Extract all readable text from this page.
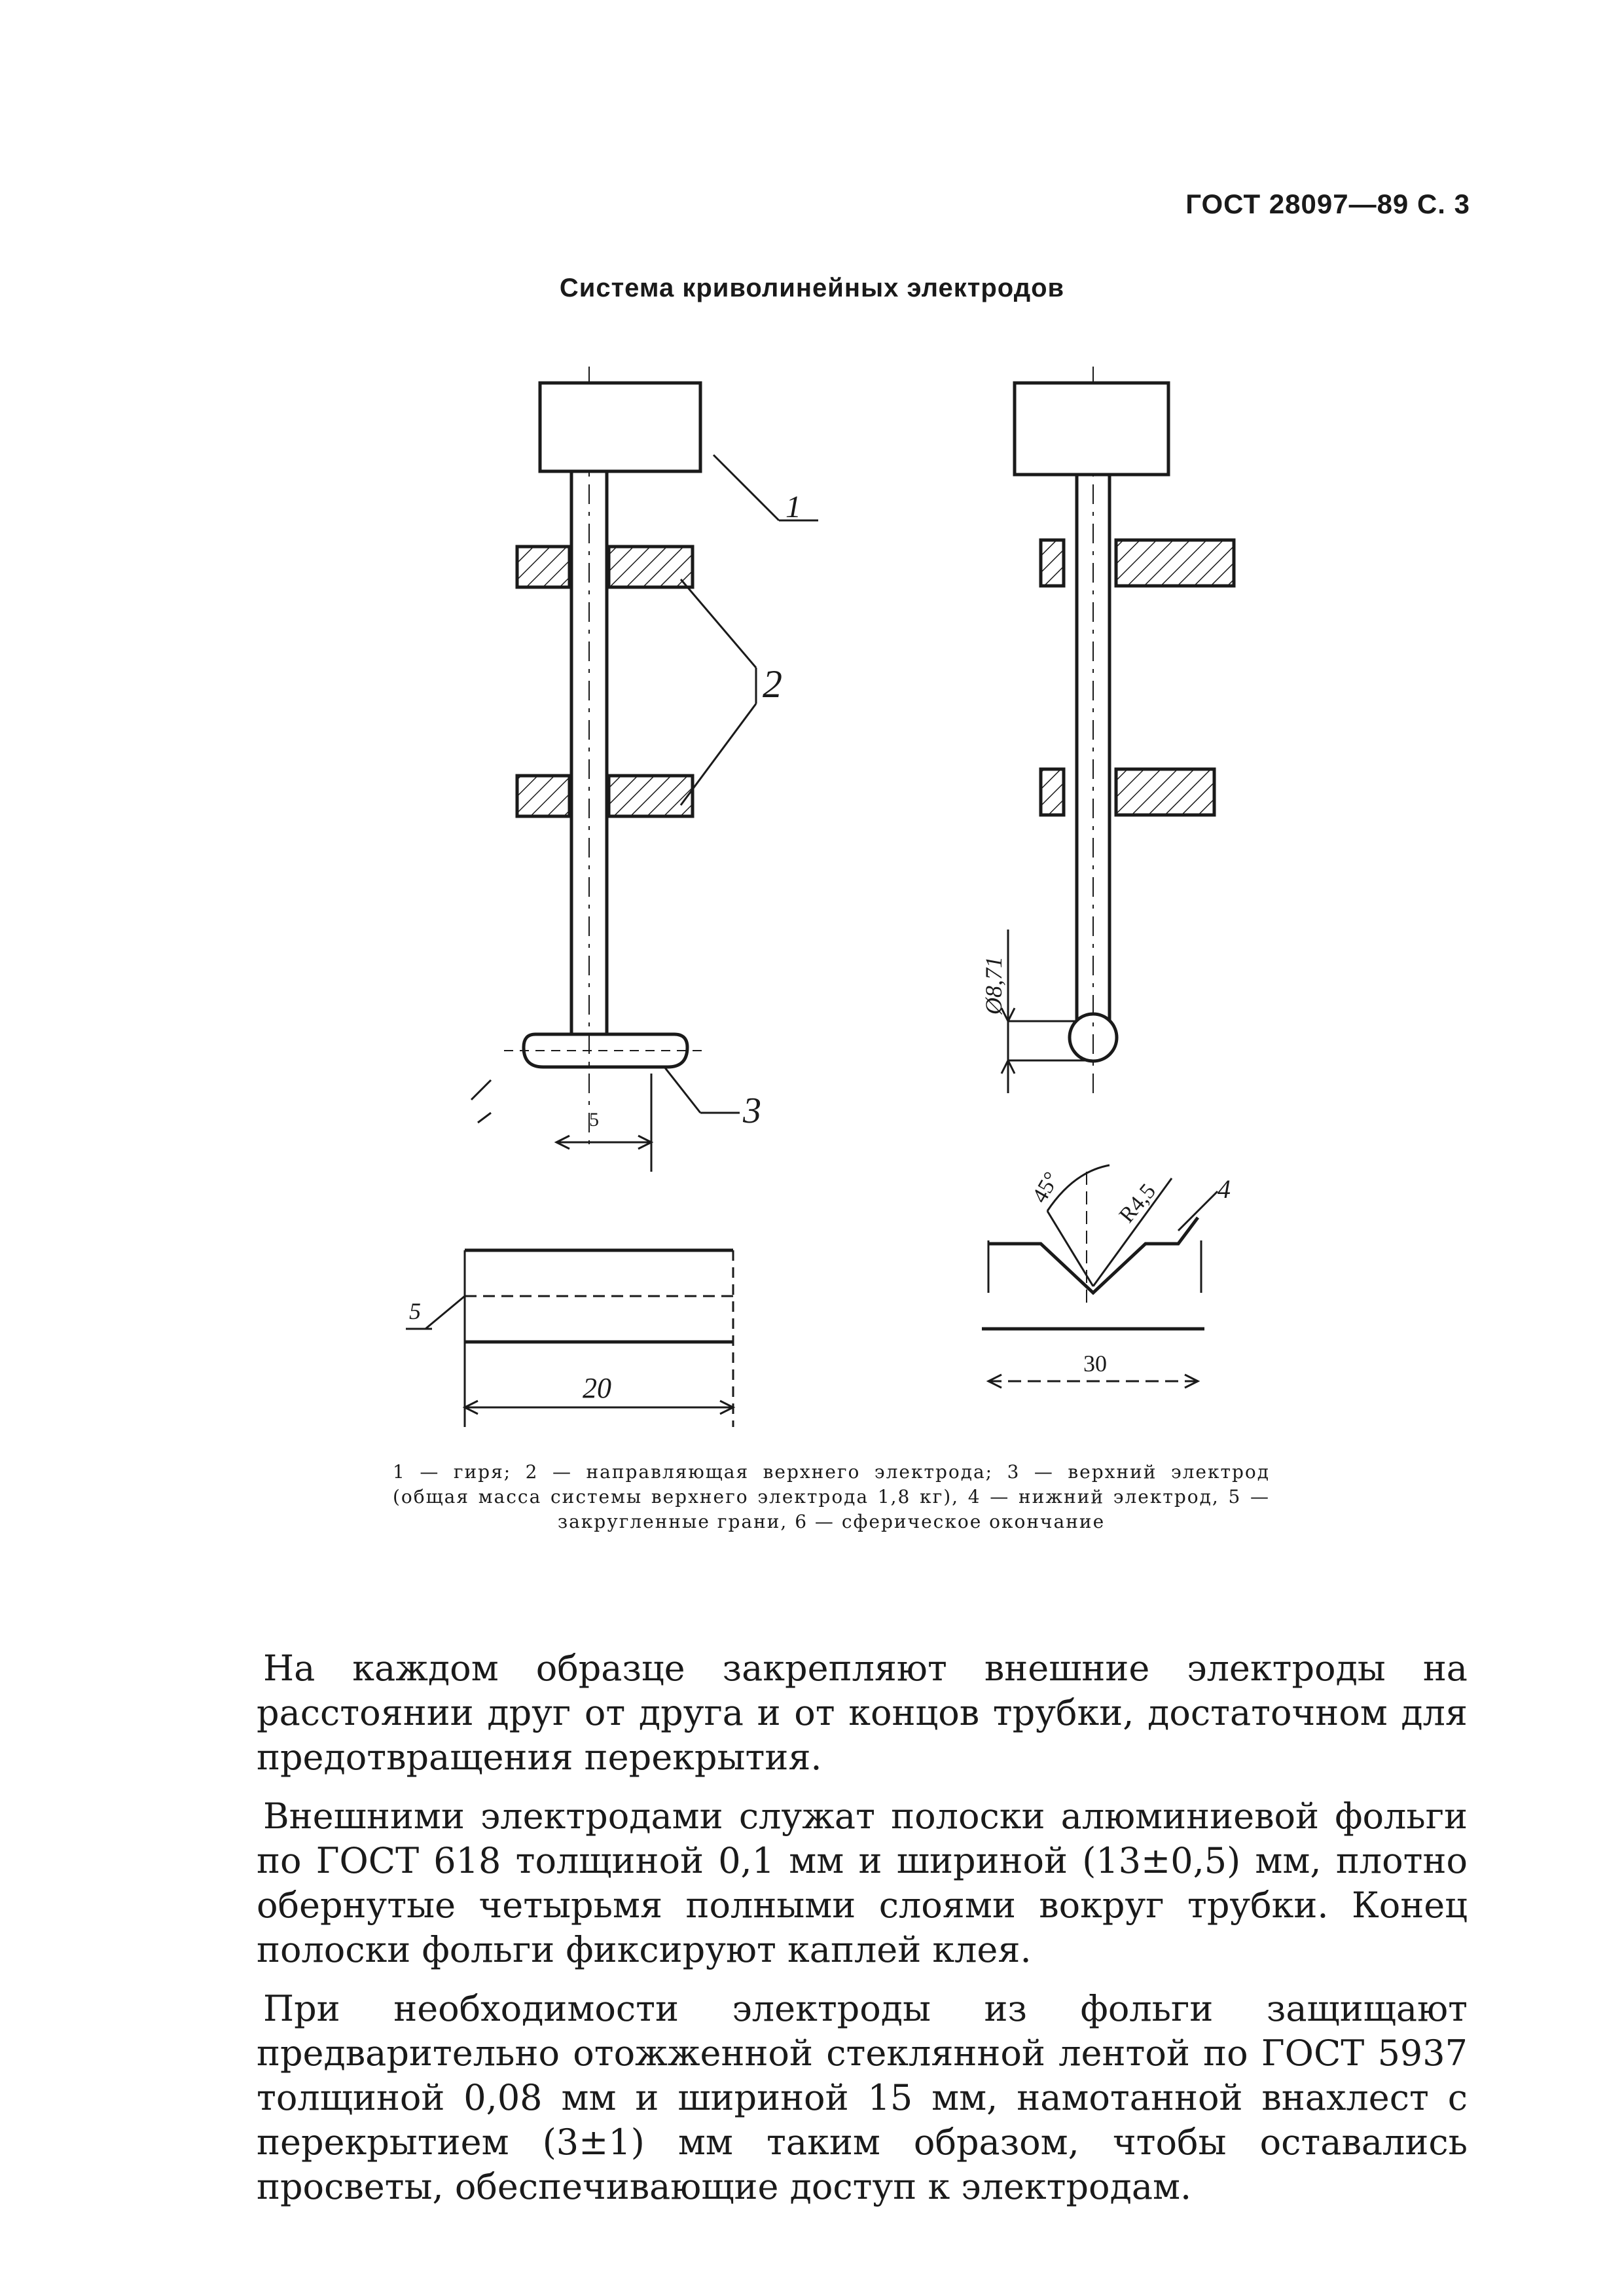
ГОСТ 28097—89 С. 3
Система криволинейных электродов
1
2
3
5
Ø8,71
45° R4,5 4
30
20
5
1 — гиря; 2 — направляющая верхнего электрода; 3 — верхний электрод (общая масса системы верхнего электрода 1,8 кг), 4 — нижний электрод, 5 — закругленные грани, 6 — сферическое окончание

На каждом образце закрепляют внешние электроды на расстоянии друг от друга и от концов трубки, достаточном для предотвращения перекрытия.

Внешними электродами служат полоски алюминиевой фольги по ГОСТ 618 толщиной 0,1 мм и шириной (13±0,5) мм, плотно обернутые четырьмя полными слоями вокруг трубки. Конец полоски фольги фиксируют каплей клея.

При необходимости электроды из фольги защищают предварительно отожженной стеклянной лентой по ГОСТ 5937 толщиной 0,08 мм и шириной 15 мм, намотанной внахлест с перекрытием (3±1) мм таким образом, чтобы оставались просветы, обеспечивающие доступ к электродам.
